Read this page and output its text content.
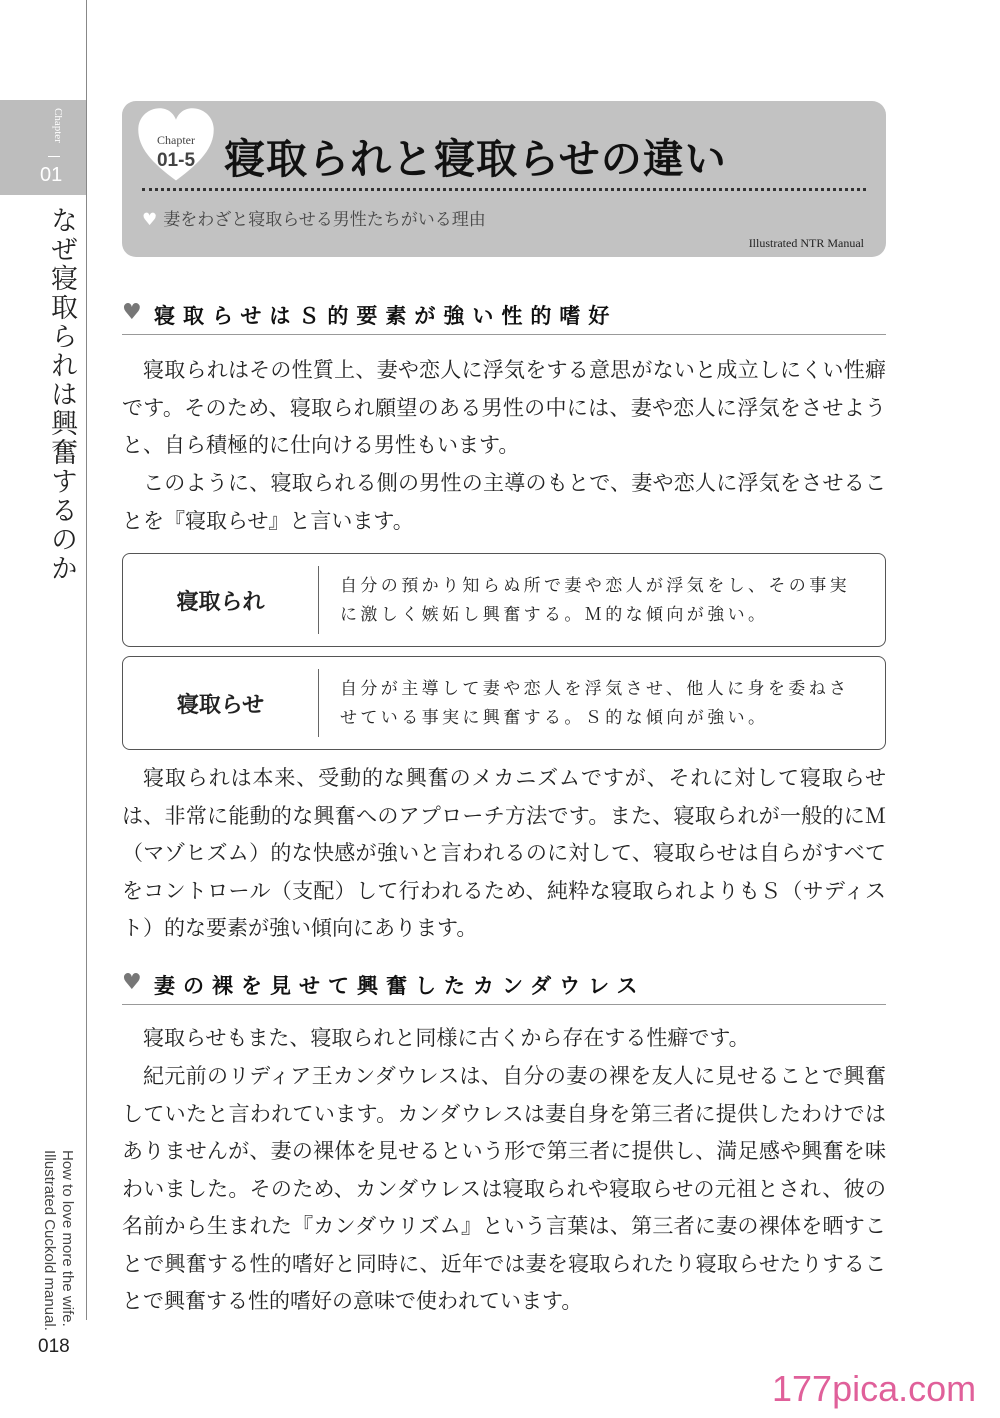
Chapter
01
なぜ寝取られは興奮するのか
How to love more the wife.
Illustrated Cuckold manual.
018
Chapter
01-5 寝取られと寝取らせの違い
♥ 妻をわざと寝取らせる男性たちがいる理由
Illustrated NTR Manual
♥ 寝取らせはＳ的要素が強い性的嗜好
寝取られはその性質上、妻や恋人に浮気をする意思がないと成立しにくい性癖です。そのため、寝取られ願望のある男性の中には、妻や恋人に浮気をさせようと、自ら積極的に仕向ける男性もいます。
このように、寝取られる側の男性の主導のもとで、妻や恋人に浮気をさせることを『寝取らせ』と言います。
寝取られ
自分の預かり知らぬ所で妻や恋人が浮気をし、その事実に激しく嫉妬し興奮する。Ｍ的な傾向が強い。
寝取らせ
自分が主導して妻や恋人を浮気させ、他人に身を委ねさせている事実に興奮する。Ｓ的な傾向が強い。
寝取られは本来、受動的な興奮のメカニズムですが、それに対して寝取らせは、非常に能動的な興奮へのアプローチ方法です。また、寝取られが一般的にＭ（マゾヒズム）的な快感が強いと言われるのに対して、寝取らせは自らがすべてをコントロール（支配）して行われるため、純粋な寝取られよりもＳ（サディスト）的な要素が強い傾向にあります。
♥ 妻の裸を見せて興奮したカンダウレス
寝取らせもまた、寝取られと同様に古くから存在する性癖です。
紀元前のリディア王カンダウレスは、自分の妻の裸を友人に見せることで興奮していたと言われています。カンダウレスは妻自身を第三者に提供したわけではありませんが、妻の裸体を見せるという形で第三者に提供し、満足感や興奮を味わいました。そのため、カンダウレスは寝取られや寝取らせの元祖とされ、彼の名前から生まれた『カンダウリズム』という言葉は、第三者に妻の裸体を晒すことで興奮する性的嗜好と同時に、近年では妻を寝取られたり寝取らせたりすることで興奮する性的嗜好の意味で使われています。
177pica.com
